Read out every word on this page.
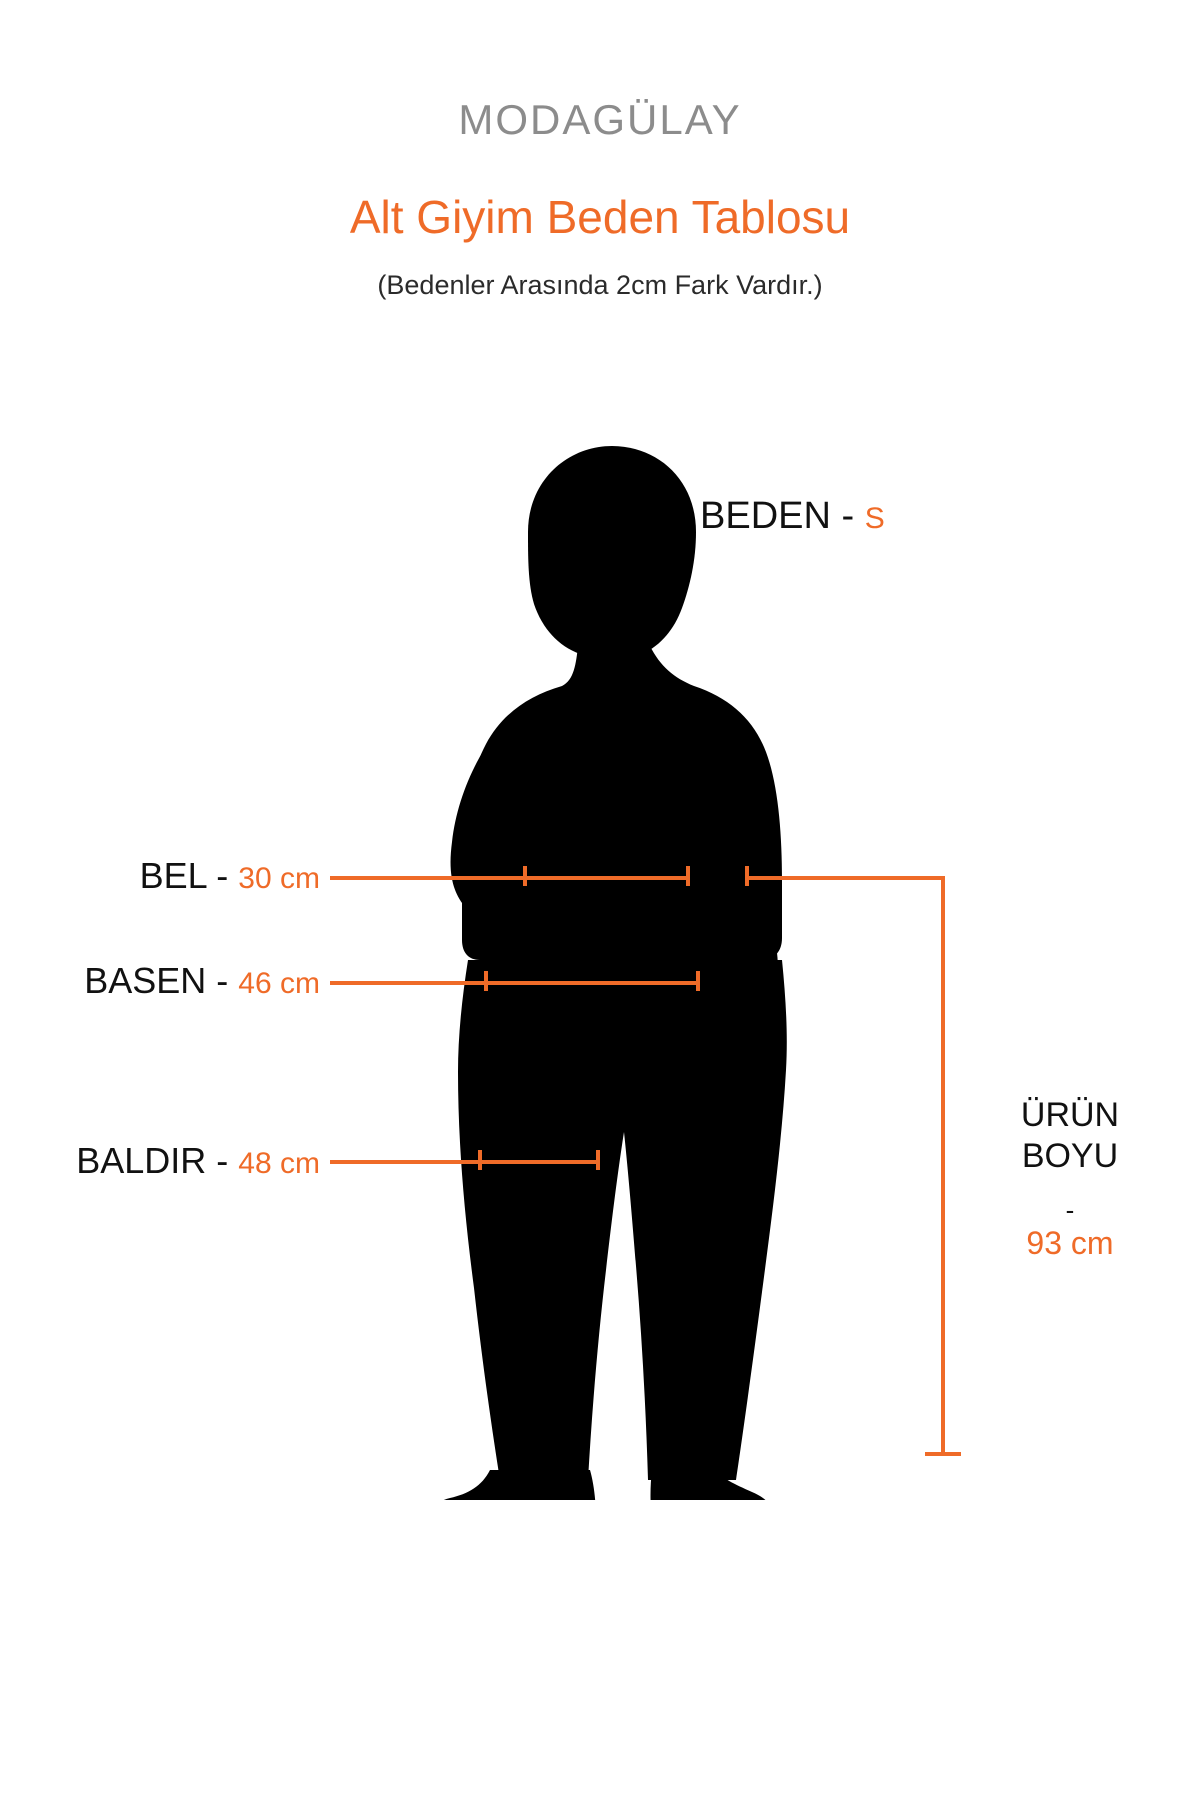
MODAGÜLAY
Alt Giyim Beden Tablosu
(Bedenler Arasında 2cm Fark Vardır.)
BEDEN - S
BEL - 30 cm
BASEN - 46 cm
BALDIR - 48 cm
ÜRÜN
BOYU
-
93 cm
